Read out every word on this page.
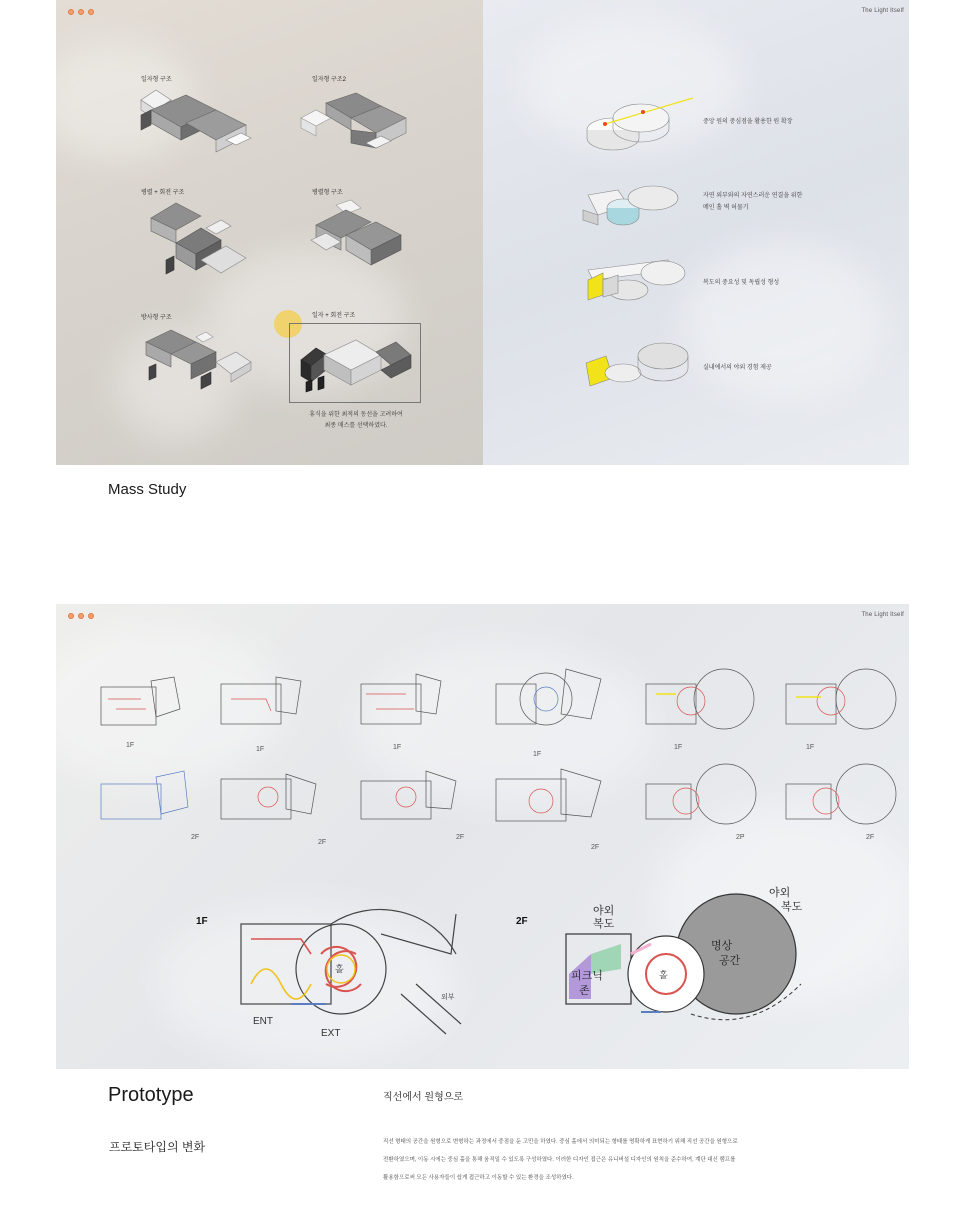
일자형 구조	일자형 구조2
병렬 + 회전 구조	병렬형 구조
방사형 구조	일자 + 회전 구조
휴식을 위한 최적의 동선을 고려하여
최종 매스를 선택하였다.
The Light Itself
중앙 원의 중심점을 활용한 원 확장
자연 외부와의 자연스러운 연결을 위한
메인 홀 벽 허물기
복도의 중요성 및 독립성 형성
실내에서의 야외 경험 제공
Mass Study
The Light Itself
1F
1F	1F
1F
1F	1F
2F
2F
2F
2F
2P	2F
1F
홀
ENT
EXT
외부
2F
야외
복도
야외
복도
피크닉
존
명상
공간
홀
Prototype
프로토타입의 변화
직선에서 원형으로
직선 형태의 공간을 원형으로 변형하는 과정에서 중점을 둔 고민을 하였다. 중심 홀에서 의미되는 형태를 명확하게 표현하기 위해 직선 공간을 원형으로
전환하였으며, 이동 시에는 중심 홀을 통해 움직일 수 있도록 구성하였다. 이러한 디자인 접근은 유니버설 디자인의 원칙을 준수하여, 계단 대신 램프를
활용함으로써 모든 사용자들이 쉽게 접근하고 이동할 수 있는 환경을 조성하였다.
